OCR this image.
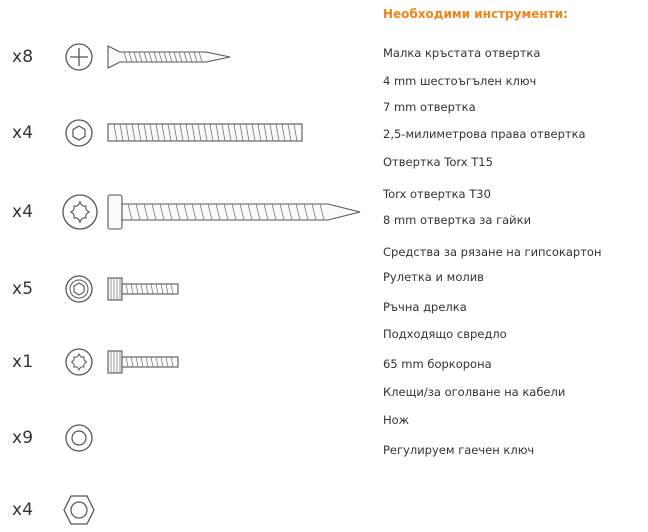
x8
x4
x4
x5
x1
x9
x4
Необходими инструменти:
Малка кръстата отвертка
4 mm шестоъгълен ключ
7 mm отвертка
2,5-милиметрова права отвертка
Отвертка Torx T15
Torx отвертка T30
8 mm отвертка за гайки
Средства за рязане на гипсокартон
Рулетка и молив
Ръчна дрелка
Подходящо свредло
65 mm боркорона
Клещи/за оголване на кабели
Нож
Регулируем гаечен ключ
